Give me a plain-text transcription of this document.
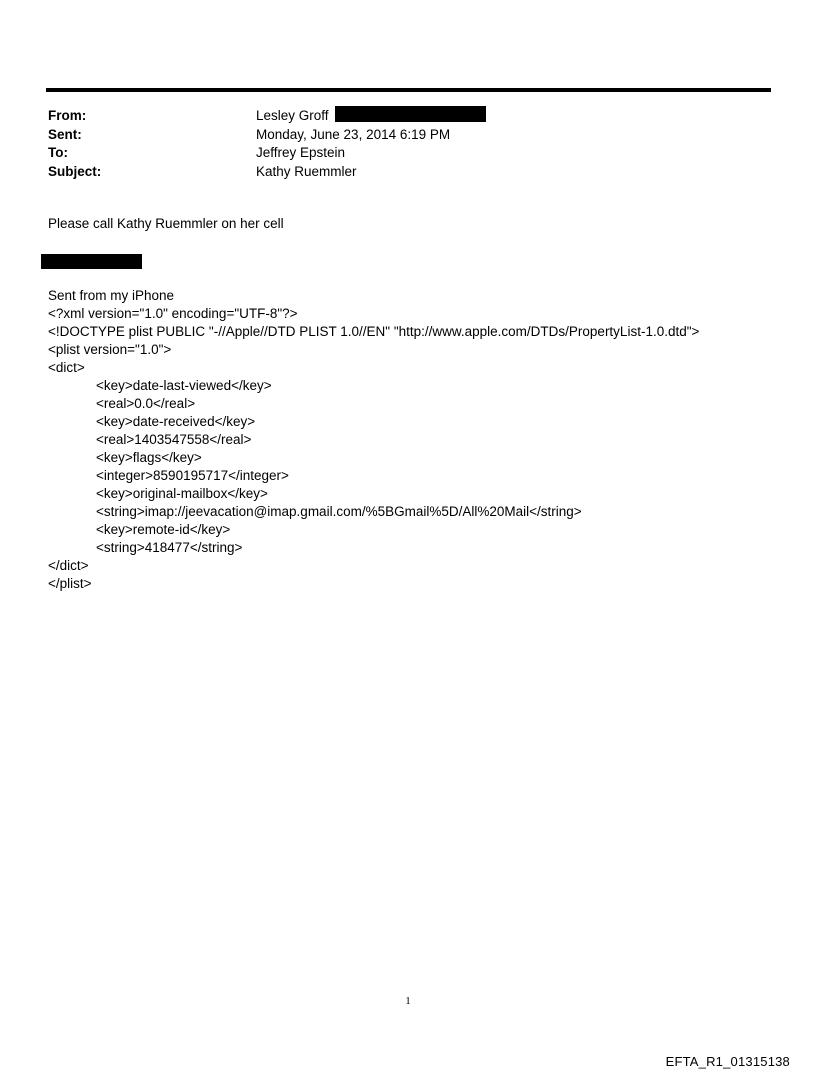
From:	Lesley Groff
Sent:	Monday, June 23, 2014 6:19 PM
To:	Jeffrey Epstein
Subject:	Kathy Ruemmler
Please call Kathy Ruemmler on her cell
Sent from my iPhone
<?xml version="1.0" encoding="UTF-8"?>
<!DOCTYPE plist PUBLIC "-//Apple//DTD PLIST 1.0//EN" "http://www.apple.com/DTDs/PropertyList-1.0.dtd">
<plist version="1.0">
<dict>
<key>date-last-viewed</key>
<real>0.0</real>
<key>date-received</key>
<real>1403547558</real>
<key>flags</key>
<integer>8590195717</integer>
<key>original-mailbox</key>
<string>imap://jeevacation@imap.gmail.com/%5BGmail%5D/All%20Mail</string>
<key>remote-id</key>
<string>418477</string>
</dict>
</plist>
1
EFTA_R1_01315138
